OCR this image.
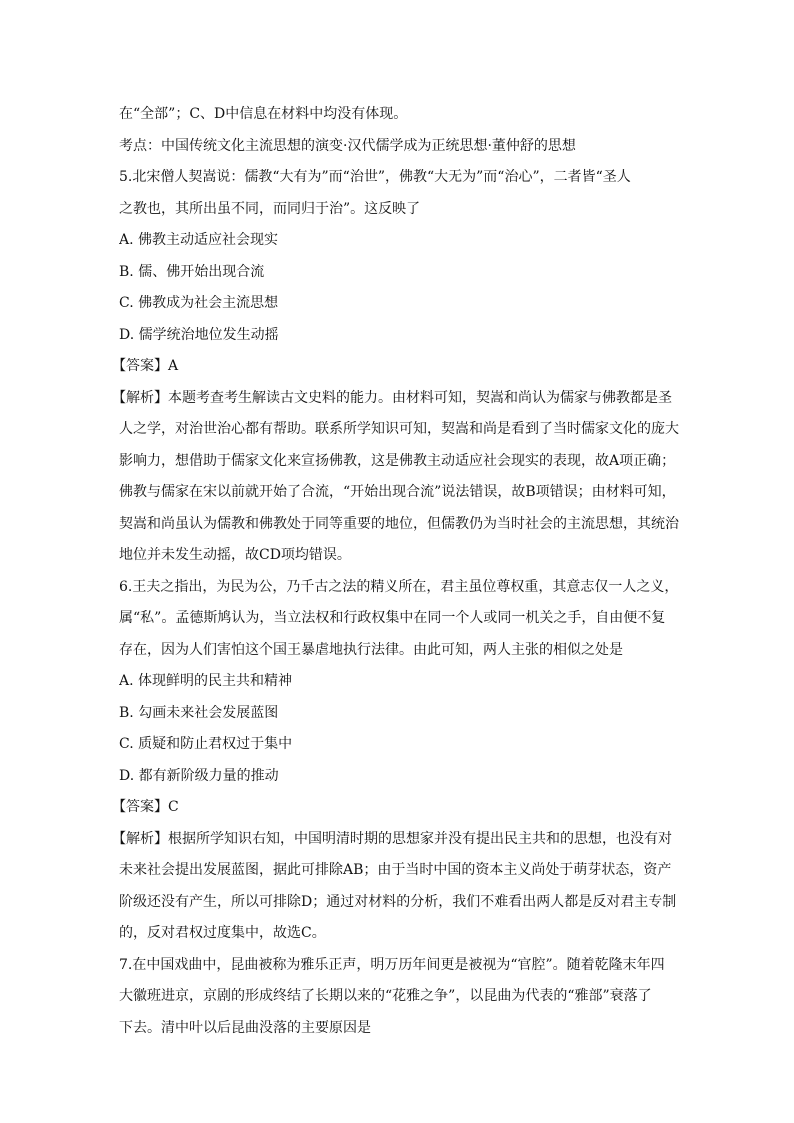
在“全部”；C、D中信息在材料中均没有体现。
考点：中国传统文化主流思想的演变·汉代儒学成为正统思想·董仲舒的思想
5.北宋僧人契嵩说：儒教“大有为”而“治世”，佛教“大无为”而“治心”，二者皆“圣人
之教也，其所出虽不同，而同归于治”。这反映了
A. 佛教主动适应社会现实
B. 儒、佛开始出现合流
C. 佛教成为社会主流思想
D. 儒学统治地位发生动摇
【答案】A
【解析】本题考查考生解读古文史料的能力。由材料可知，契嵩和尚认为儒家与佛教都是圣
人之学，对治世治心都有帮助。联系所学知识可知，契嵩和尚是看到了当时儒家文化的庞大
影响力，想借助于儒家文化来宣扬佛教，这是佛教主动适应社会现实的表现，故A项正确；
佛教与儒家在宋以前就开始了合流，“开始出现合流”说法错误，故B项错误；由材料可知，
契嵩和尚虽认为儒教和佛教处于同等重要的地位，但儒教仍为当时社会的主流思想，其统治
地位并未发生动摇，故CD项均错误。
6.王夫之指出，为民为公，乃千古之法的精义所在，君主虽位尊权重，其意志仅一人之义，
属“私”。孟德斯鸠认为，当立法权和行政权集中在同一个人或同一机关之手，自由便不复
存在，因为人们害怕这个国王暴虐地执行法律。由此可知，两人主张的相似之处是
A. 体现鲜明的民主共和精神
B. 勾画未来社会发展蓝图
C. 质疑和防止君权过于集中
D. 都有新阶级力量的推动
【答案】C
【解析】根据所学知识右知，中国明清时期的思想家并没有提出民主共和的思想，也没有对
未来社会提出发展蓝图，据此可排除AB；由于当时中国的资本主义尚处于萌芽状态，资产
阶级还没有产生，所以可排除D；通过对材料的分析，我们不难看出两人都是反对君主专制
的，反对君权过度集中，故选C。
7.在中国戏曲中，昆曲被称为雅乐正声，明万历年间更是被视为“官腔”。随着乾隆末年四
大徽班进京，京剧的形成终结了长期以来的“花雅之争”，以昆曲为代表的“雅部”衰落了
下去。清中叶以后昆曲没落的主要原因是
